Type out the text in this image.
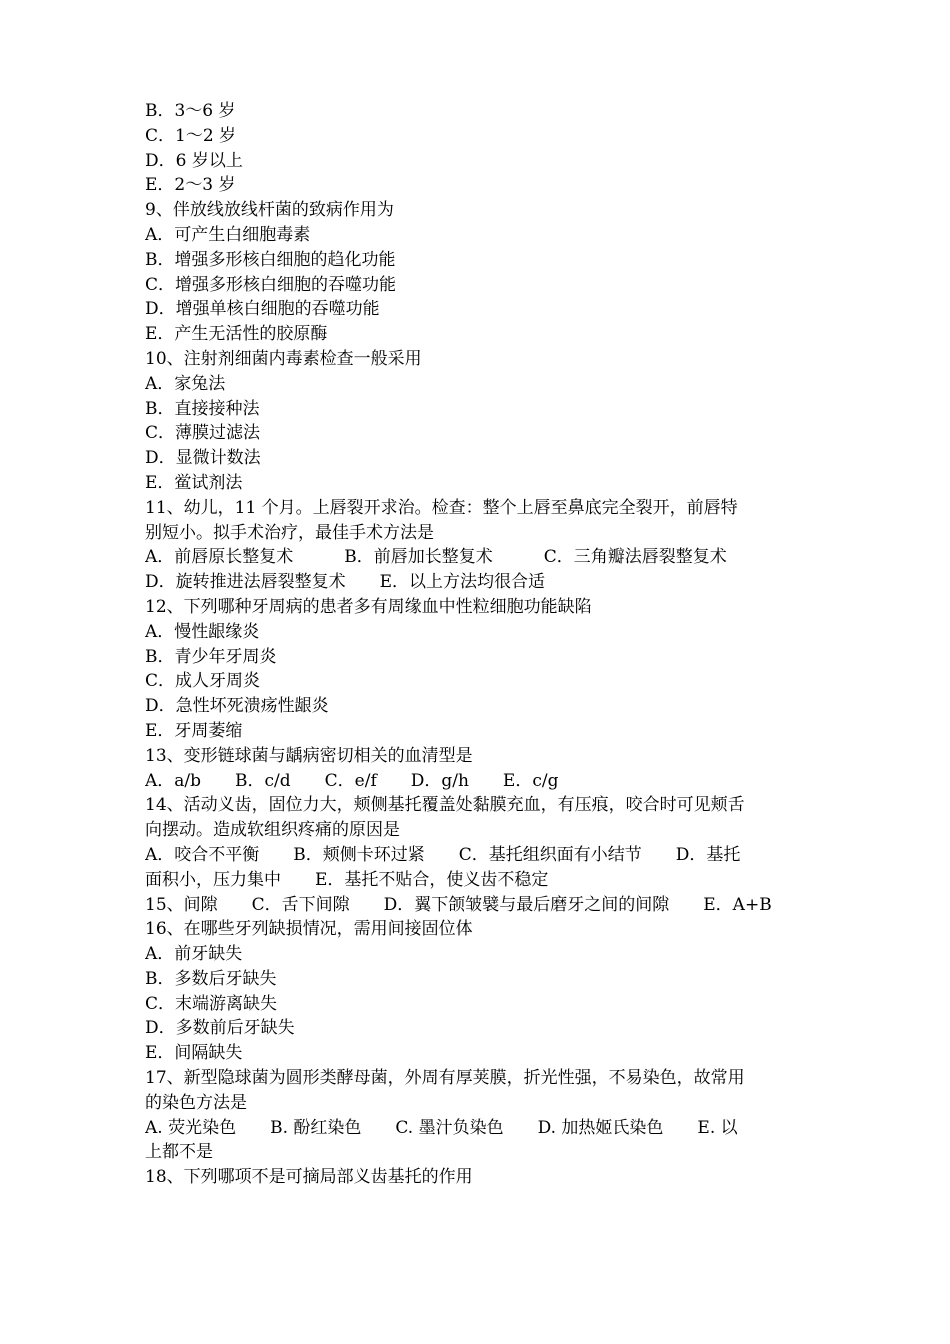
B．3～6 岁
C．1～2 岁
D．6 岁以上
E．2～3 岁
9、伴放线放线杆菌的致病作用为
A．可产生白细胞毒素
B．增强多形核白细胞的趋化功能
C．增强多形核白细胞的吞噬功能
D．增强单核白细胞的吞噬功能
E．产生无活性的胶原酶
10、注射剂细菌内毒素检查一般采用
A．家兔法
B．直接接种法
C．薄膜过滤法
D．显微计数法
E．鲎试剂法
11、幼儿，11 个月。上唇裂开求治。检查：整个上唇至鼻底完全裂开，前唇特
别短小。拟手术治疗，最佳手术方法是
A．前唇原长整复术　　　B．前唇加长整复术　　　C．三角瓣法唇裂整复术
D．旋转推进法唇裂整复术　　E．以上方法均很合适
12、下列哪种牙周病的患者多有周缘血中性粒细胞功能缺陷
A．慢性龈缘炎
B．青少年牙周炎
C．成人牙周炎
D．急性坏死溃疡性龈炎
E．牙周萎缩
13、变形链球菌与龋病密切相关的血清型是
A．a/b　　B．c/d　　C．e/f　　D．g/h　　E．c/g
14、活动义齿，固位力大，颊侧基托覆盖处黏膜充血，有压痕，咬合时可见颊舌
向摆动。造成软组织疼痛的原因是
A．咬合不平衡　　B．颊侧卡环过紧　　C．基托组织面有小结节　　D．基托
面积小，压力集中　　E．基托不贴合，使义齿不稳定
15、间隙　　C．舌下间隙　　D．翼下颌皱襞与最后磨牙之间的间隙　　E．A+B
16、在哪些牙列缺损情况，需用间接固位体
A．前牙缺失
B．多数后牙缺失
C．末端游离缺失
D．多数前后牙缺失
E．间隔缺失
17、新型隐球菌为圆形类酵母菌，外周有厚荚膜，折光性强，不易染色，故常用
的染色方法是
A. 荧光染色　　B. 酚红染色　　C. 墨汁负染色　　D. 加热姬氏染色　　E. 以
上都不是
18、下列哪项不是可摘局部义齿基托的作用
